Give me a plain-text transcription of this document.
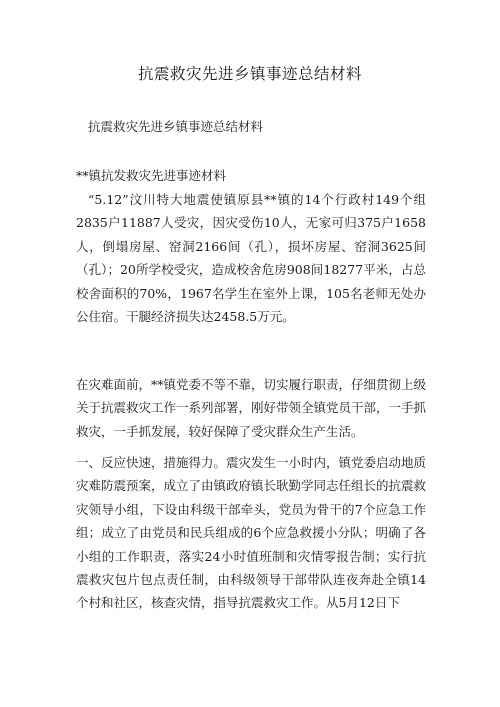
抗震救灾先进乡镇事迹总结材料
抗震救灾先进乡镇事迹总结材料
**镇抗发救灾先进事迹材料

“5.12”汶川特大地震使镇原县**镇的14个行政村149个组2835户11887人受灾，因灾受伤10人，无家可归375户1658人，倒塌房屋、窑洞2166间（孔），损坏房屋、窑洞3625间（孔）；20所学校受灾，造成校舍危房908间18277平米，占总校舍面积的70%，1967名学生在室外上课，105名老师无处办公住宿。干腿经济损失达2458.5万元。

在灾难面前，**镇党委不等不靠，切实履行职责，仔细贯彻上级关于抗震救灾工作一系列部署，刚好带领全镇党员干部，一手抓救灾，一手抓发展，较好保障了受灾群众生产生活。

一、反应快速，措施得力。震灾发生一小时内，镇党委启动地质灾难防震预案，成立了由镇政府镇长耿勤学同志任组长的抗震救灾领导小组，下设由科级干部牵头，党员为骨干的7个应急工作组；成立了由党员和民兵组成的6个应急救援小分队；明确了各小组的工作职责，落实24小时值班制和灾情零报告制；实行抗震救灾包片包点责任制，由科级领导干部带队连夜奔赴全镇14个村和社区，核查灾情，指导抗震救灾工作。从5月12日下
